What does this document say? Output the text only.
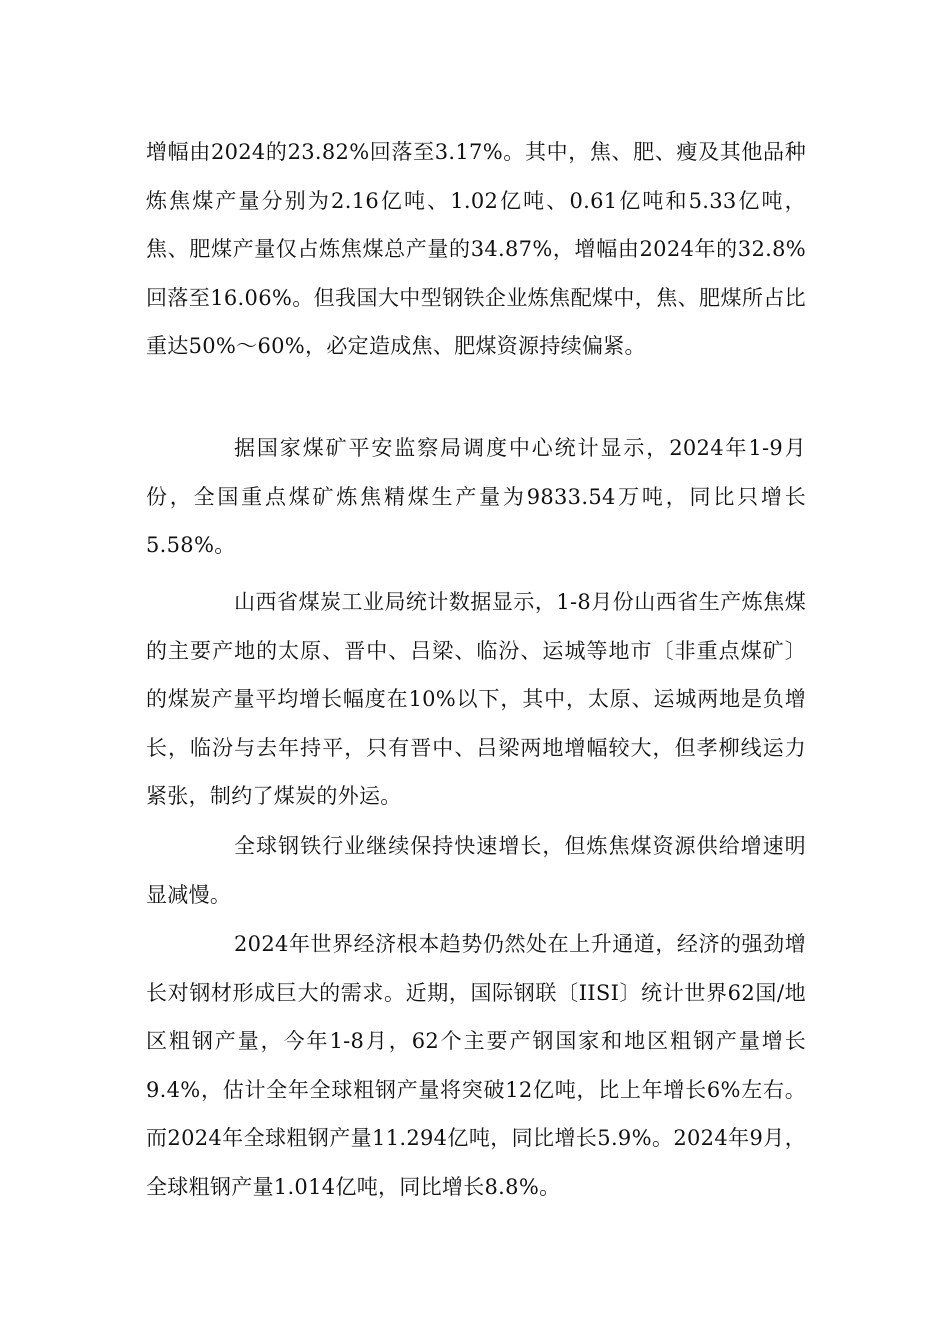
增幅由2024的23.82%回落至3.17%。其中，焦、肥、瘦及其他品种炼焦煤产量分别为2.16亿吨、1.02亿吨、0.61亿吨和5.33亿吨，焦、肥煤产量仅占炼焦煤总产量的34.87%，增幅由2024年的32.8%回落至16.06%。但我国大中型钢铁企业炼焦配煤中，焦、肥煤所占比重达50%～60%，必定造成焦、肥煤资源持续偏紧。

据国家煤矿平安监察局调度中心统计显示，2024年1-9月份，全国重点煤矿炼焦精煤生产量为9833.54万吨，同比只增长5.58%。

山西省煤炭工业局统计数据显示，1-8月份山西省生产炼焦煤的主要产地的太原、晋中、吕梁、临汾、运城等地市〔非重点煤矿〕的煤炭产量平均增长幅度在10%以下，其中，太原、运城两地是负增长，临汾与去年持平，只有晋中、吕梁两地增幅较大，但孝柳线运力紧张，制约了煤炭的外运。

全球钢铁行业继续保持快速增长，但炼焦煤资源供给增速明显减慢。

2024年世界经济根本趋势仍然处在上升通道，经济的强劲增长对钢材形成巨大的需求。近期，国际钢联〔IISI〕统计世界62国/地区粗钢产量，今年1-8月，62个主要产钢国家和地区粗钢产量增长9.4%，估计全年全球粗钢产量将突破12亿吨，比上年增长6%左右。而2024年全球粗钢产量11.294亿吨，同比增长5.9%。2024年9月，全球粗钢产量1.014亿吨，同比增长8.8%。
